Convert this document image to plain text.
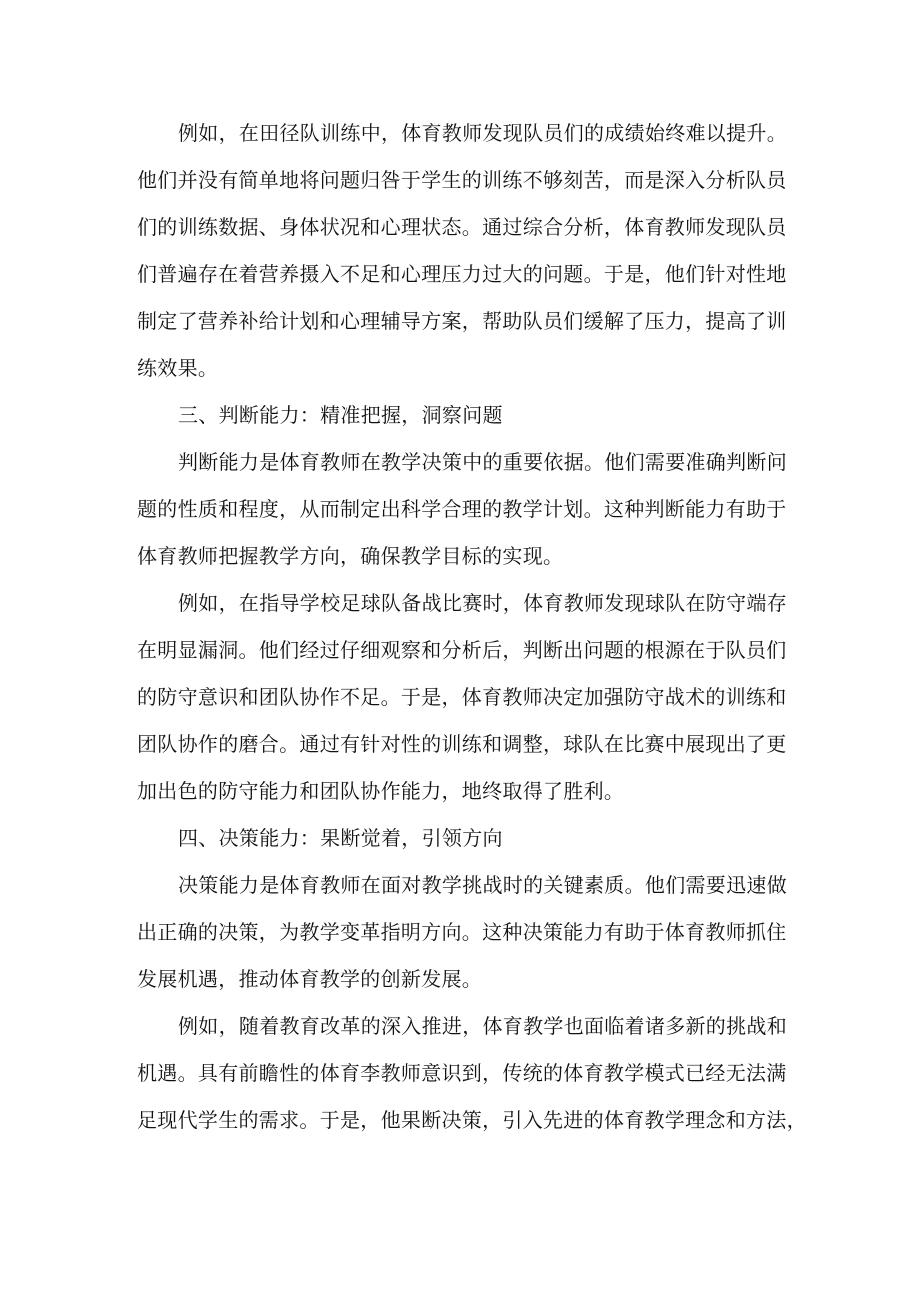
例如，在田径队训练中，体育教师发现队员们的成绩始终难以提升。
他们并没有简单地将问题归咎于学生的训练不够刻苦，而是深入分析队员
们的训练数据、身体状况和心理状态。通过综合分析，体育教师发现队员
们普遍存在着营养摄入不足和心理压力过大的问题。于是，他们针对性地
制定了营养补给计划和心理辅导方案，帮助队员们缓解了压力，提高了训
练效果。
三、判断能力：精准把握，洞察问题
判断能力是体育教师在教学决策中的重要依据。他们需要准确判断问
题的性质和程度，从而制定出科学合理的教学计划。这种判断能力有助于
体育教师把握教学方向，确保教学目标的实现。
例如，在指导学校足球队备战比赛时，体育教师发现球队在防守端存
在明显漏洞。他们经过仔细观察和分析后，判断出问题的根源在于队员们
的防守意识和团队协作不足。于是，体育教师决定加强防守战术的训练和
团队协作的磨合。通过有针对性的训练和调整，球队在比赛中展现出了更
加出色的防守能力和团队协作能力，地终取得了胜利。
四、决策能力：果断觉着，引领方向
决策能力是体育教师在面对教学挑战时的关键素质。他们需要迅速做
出正确的决策，为教学变革指明方向。这种决策能力有助于体育教师抓住
发展机遇，推动体育教学的创新发展。
例如，随着教育改革的深入推进，体育教学也面临着诸多新的挑战和
机遇。具有前瞻性的体育李教师意识到，传统的体育教学模式已经无法满
足现代学生的需求。于是，他果断决策，引入先进的体育教学理念和方法，
